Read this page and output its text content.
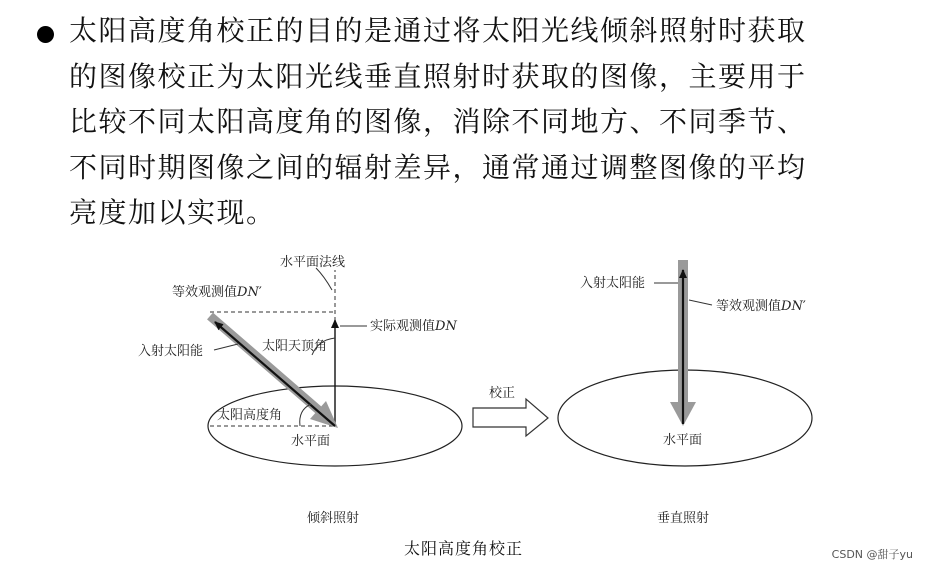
太阳高度角校正的目的是通过将太阳光线倾斜照射时获取
的图像校正为太阳光线垂直照射时获取的图像，主要用于
比较不同太阳高度角的图像，消除不同地方、不同季节、
不同时期图像之间的辐射差异，通常通过调整图像的平均
亮度加以实现。

水平面法线
等效观测值DN′
实际观测值DN
入射太阳能	太阳天顶角
太阳高度角
水平面
倾斜照射
校正
入射太阳能
等效观测值DN′
水平面
垂直照射
太阳高度角校正	CSDN @甜子yu
